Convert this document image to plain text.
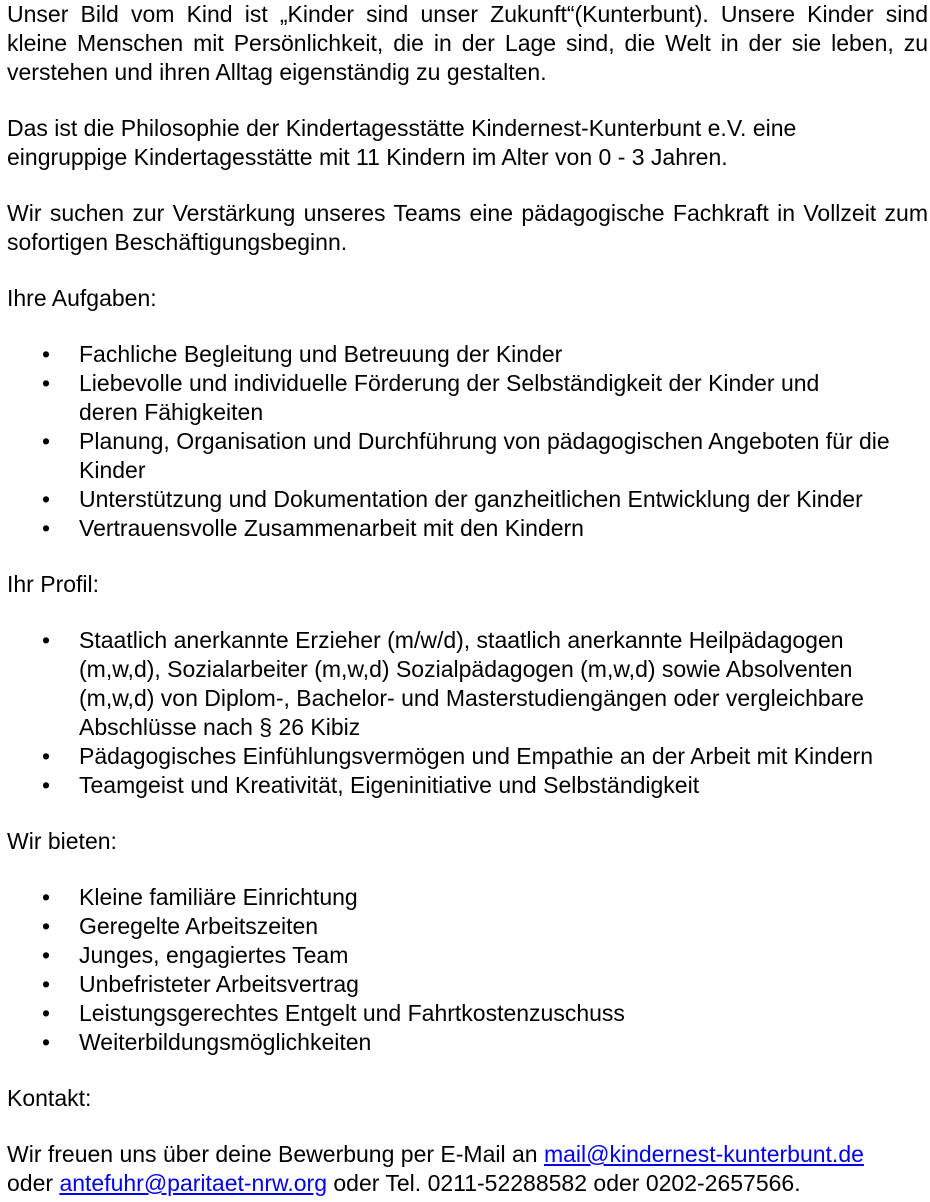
Unser Bild vom Kind ist „Kinder sind unser Zukunft“(Kunterbunt). Unsere Kinder sind kleine Menschen mit Persönlichkeit, die in der Lage sind, die Welt in der sie leben, zu verstehen und ihren Alltag eigenständig zu gestalten.

Das ist die Philosophie der Kindertagesstätte Kindernest-Kunterbunt e.V. eine eingruppige Kindertagesstätte mit 11 Kindern im Alter von 0 - 3 Jahren.

Wir suchen zur Verstärkung unseres Teams eine pädagogische Fachkraft in Vollzeit zum sofortigen Beschäftigungsbeginn.

Ihre Aufgaben:

• Fachliche Begleitung und Betreuung der Kinder
• Liebevolle und individuelle Förderung der Selbständigkeit der Kinder und deren Fähigkeiten
• Planung, Organisation und Durchführung von pädagogischen Angeboten für die Kinder
• Unterstützung und Dokumentation der ganzheitlichen Entwicklung der Kinder
• Vertrauensvolle Zusammenarbeit mit den Kindern

Ihr Profil:

• Staatlich anerkannte Erzieher (m/w/d), staatlich anerkannte Heilpädagogen (m,w,d), Sozialarbeiter (m,w,d) Sozialpädagogen (m,w,d) sowie Absolventen (m,w,d) von Diplom-, Bachelor- und Masterstudiengängen oder vergleichbare Abschlüsse nach § 26 Kibiz
• Pädagogisches Einfühlungsvermögen und Empathie an der Arbeit mit Kindern
• Teamgeist und Kreativität, Eigeninitiative und Selbständigkeit

Wir bieten:

• Kleine familiäre Einrichtung
• Geregelte Arbeitszeiten
• Junges, engagiertes Team
• Unbefristeter Arbeitsvertrag
• Leistungsgerechtes Entgelt und Fahrtkostenzuschuss
• Weiterbildungsmöglichkeiten

Kontakt:

Wir freuen uns über deine Bewerbung per E-Mail an mail@kindernest-kunterbunt.de
oder antefuhr@paritaet-nrw.org oder Tel. 0211-52288582 oder 0202-2657566.
